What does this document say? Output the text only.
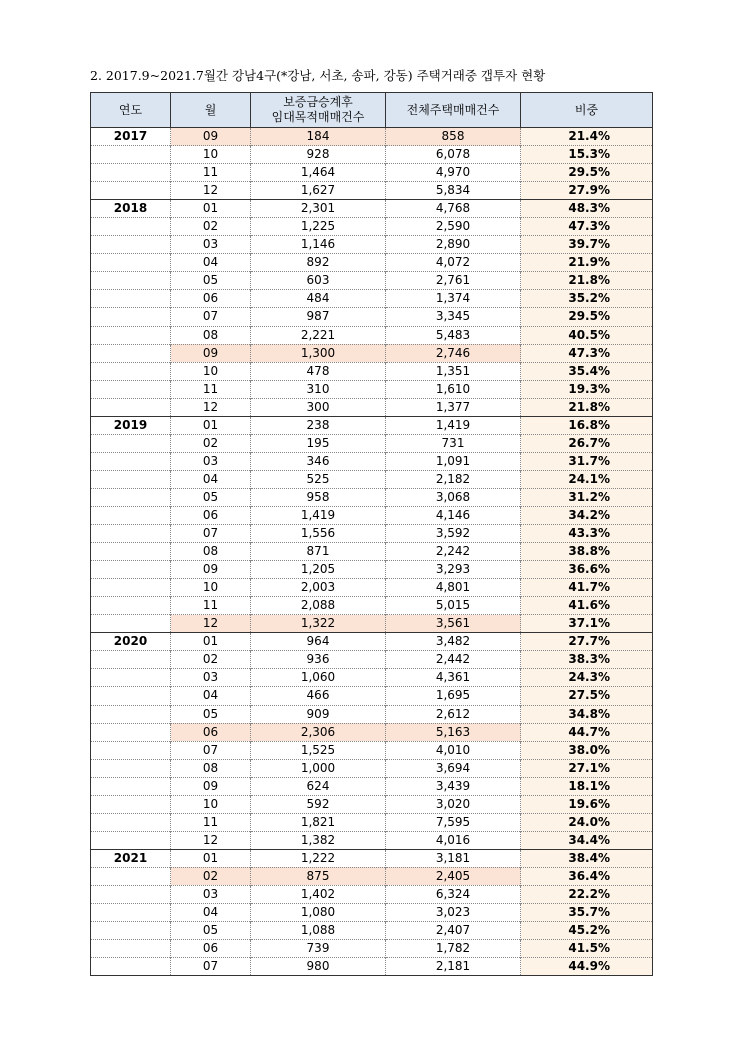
2. 2017.9~2021.7월간 강남4구(*강남, 서초, 송파, 강동) 주택거래중 갭투자 현황
연도	월	보증금승계후
임대목적매매건수	전체주택매매건수	비중
2017	09	184	858	21.4%
	10	928	6,078	15.3%
	11	1,464	4,970	29.5%
	12	1,627	5,834	27.9%
2018	01	2,301	4,768	48.3%
	02	1,225	2,590	47.3%
	03	1,146	2,890	39.7%
	04	892	4,072	21.9%
	05	603	2,761	21.8%
	06	484	1,374	35.2%
	07	987	3,345	29.5%
	08	2,221	5,483	40.5%
	09	1,300	2,746	47.3%
	10	478	1,351	35.4%
	11	310	1,610	19.3%
	12	300	1,377	21.8%
2019	01	238	1,419	16.8%
	02	195	731	26.7%
	03	346	1,091	31.7%
	04	525	2,182	24.1%
	05	958	3,068	31.2%
	06	1,419	4,146	34.2%
	07	1,556	3,592	43.3%
	08	871	2,242	38.8%
	09	1,205	3,293	36.6%
	10	2,003	4,801	41.7%
	11	2,088	5,015	41.6%
	12	1,322	3,561	37.1%
2020	01	964	3,482	27.7%
	02	936	2,442	38.3%
	03	1,060	4,361	24.3%
	04	466	1,695	27.5%
	05	909	2,612	34.8%
	06	2,306	5,163	44.7%
	07	1,525	4,010	38.0%
	08	1,000	3,694	27.1%
	09	624	3,439	18.1%
	10	592	3,020	19.6%
	11	1,821	7,595	24.0%
	12	1,382	4,016	34.4%
2021	01	1,222	3,181	38.4%
	02	875	2,405	36.4%
	03	1,402	6,324	22.2%
	04	1,080	3,023	35.7%
	05	1,088	2,407	45.2%
	06	739	1,782	41.5%
	07	980	2,181	44.9%
